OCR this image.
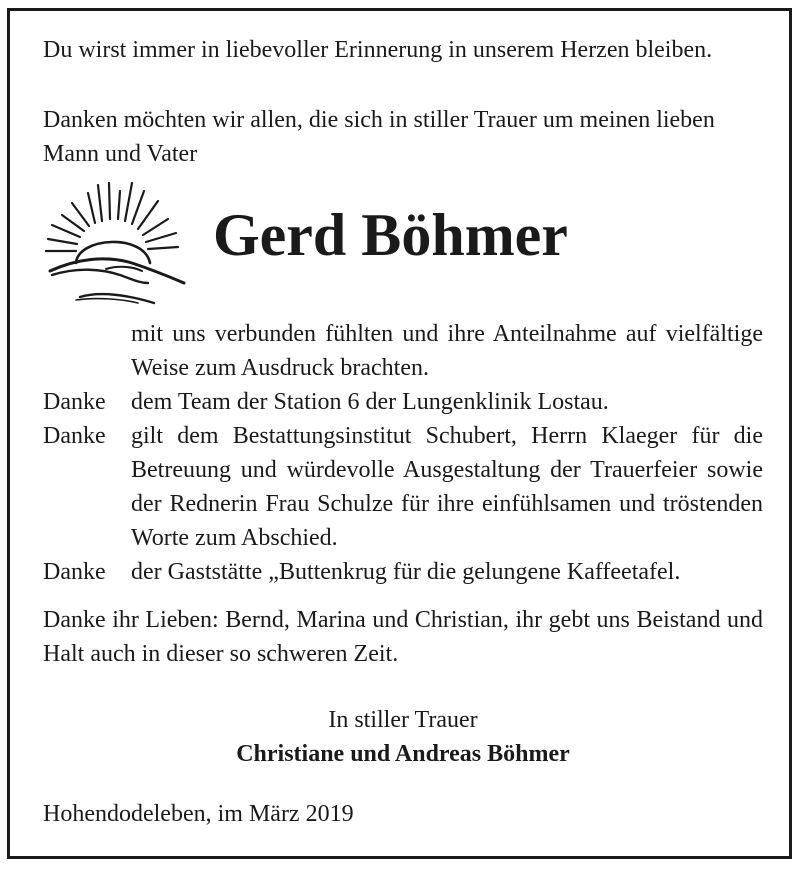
Du wirst immer in liebevoller Erinnerung in unserem Herzen bleiben.

Danken möchten wir allen, die sich in stiller Trauer um meinen lieben Mann und Vater

Gerd Böhmer

mit uns verbunden fühlten und ihre Anteilnahme auf vielfältige Weise zum Ausdruck brachten.

Danke dem Team der Station 6 der Lungenklinik Lostau.

Danke gilt dem Bestattungsinstitut Schubert, Herrn Klaeger für die Betreuung und würdevolle Ausgestaltung der Trauerfeier sowie der Rednerin Frau Schulze für ihre einfühlsamen und tröstenden Worte zum Abschied.

Danke der Gaststätte „Buttenkrug für die gelungene Kaffeetafel.

Danke ihr Lieben: Bernd, Marina und Christian, ihr gebt uns Beistand und Halt auch in dieser so schweren Zeit.

In stiller Trauer

Christiane und Andreas Böhmer

Hohendodeleben, im März 2019
